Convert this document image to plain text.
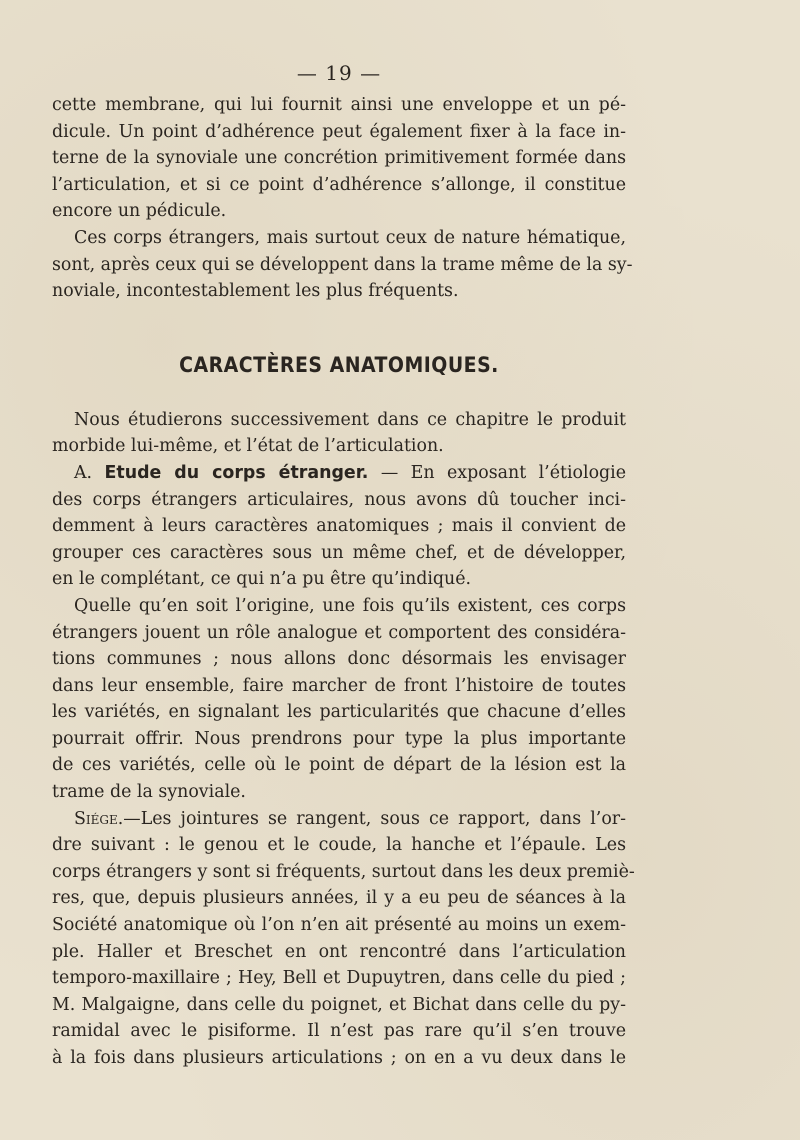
— 19 —
cette membrane, qui lui fournit ainsi une enveloppe et un pé-
dicule. Un point d’adhérence peut également fixer à la face in-
terne de la synoviale une concrétion primitivement formée dans
l’articulation, et si ce point d’adhérence s’allonge, il constitue
encore un pédicule.
Ces corps étrangers, mais surtout ceux de nature hématique,
sont, après ceux qui se développent dans la trame même de la sy-
noviale, incontestablement les plus fréquents.
CARACTÈRES ANATOMIQUES.
Nous étudierons successivement dans ce chapitre le produit
morbide lui-même, et l’état de l’articulation.
A. Etude du corps étranger. — En exposant l’étiologie
des corps étrangers articulaires, nous avons dû toucher inci-
demment à leurs caractères anatomiques ; mais il convient de
grouper ces caractères sous un même chef, et de développer,
en le complétant, ce qui n’a pu être qu’indiqué.
Quelle qu’en soit l’origine, une fois qu’ils existent, ces corps
étrangers jouent un rôle analogue et comportent des considéra-
tions communes ; nous allons donc désormais les envisager
dans leur ensemble, faire marcher de front l’histoire de toutes
les variétés, en signalant les particularités que chacune d’elles
pourrait offrir. Nous prendrons pour type la plus importante
de ces variétés, celle où le point de départ de la lésion est la
trame de la synoviale.
Siége.—Les jointures se rangent, sous ce rapport, dans l’or-
dre suivant : le genou et le coude, la hanche et l’épaule. Les
corps étrangers y sont si fréquents, surtout dans les deux premiè-
res, que, depuis plusieurs années, il y a eu peu de séances à la
Société anatomique où l’on n’en ait présenté au moins un exem-
ple. Haller et Breschet en ont rencontré dans l’articulation
temporo-maxillaire ; Hey, Bell et Dupuytren, dans celle du pied ;
M. Malgaigne, dans celle du poignet, et Bichat dans celle du py-
ramidal avec le pisiforme. Il n’est pas rare qu’il s’en trouve
à la fois dans plusieurs articulations ; on en a vu deux dans le
